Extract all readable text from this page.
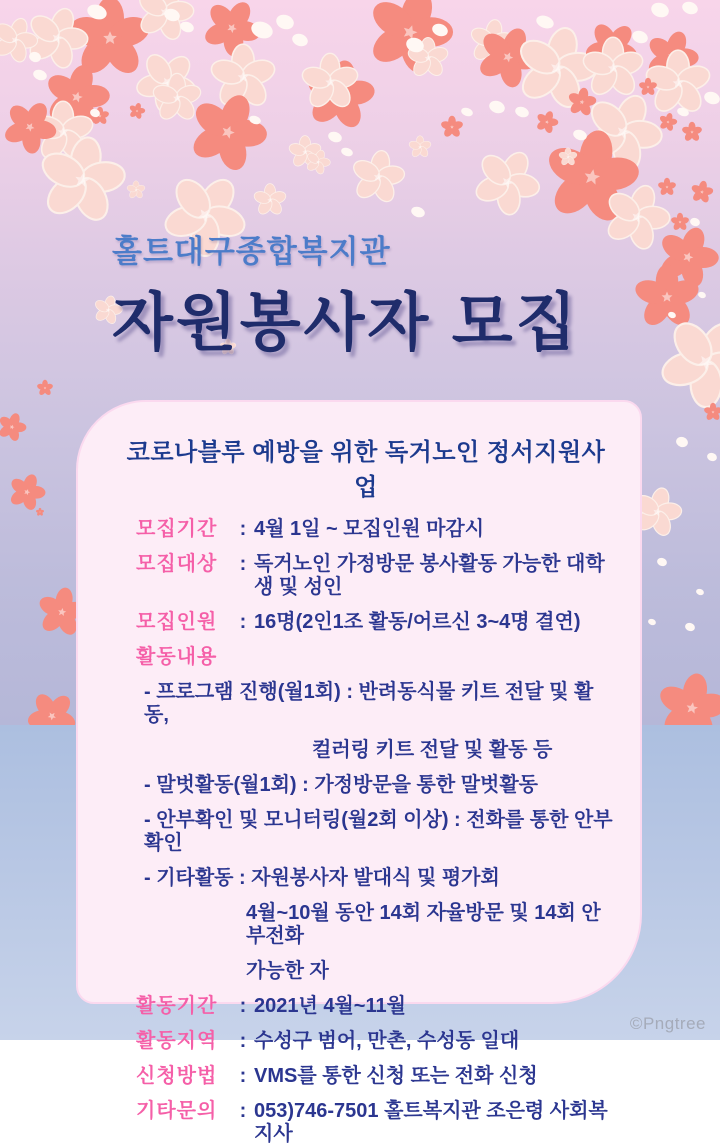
홀트대구종합복지관
자원봉사자 모집
코로나블루 예방을 위한 독거노인 정서지원사업
모집기간	: 4월 1일 ~ 모집인원 마감시
모집대상	: 독거노인 가정방문 봉사활동 가능한 대학생 및 성인
모집인원	: 16명(2인1조 활동/어르신 3~4명 결연)
활동내용
- 프로그램 진행(월1회) : 반려동식물 키트 전달 및 활동,
컬러링 키트 전달 및 활동 등
- 말벗활동(월1회) : 가정방문을 통한 말벗활동
- 안부확인 및 모니터링(월2회 이상) : 전화를 통한 안부확인
- 기타활동 : 자원봉사자 발대식 및 평가회
4월~10월 동안 14회 자율방문 및 14회 안부전화
가능한 자
활동기간	: 2021년 4월~11월
활동지역	: 수성구 범어, 만촌, 수성동 일대
신청방법	: VMS를 통한 신청 또는 전화 신청
기타문의	: 053)746-7501 홀트복지관 조은령 사회복지사
©Pngtree
